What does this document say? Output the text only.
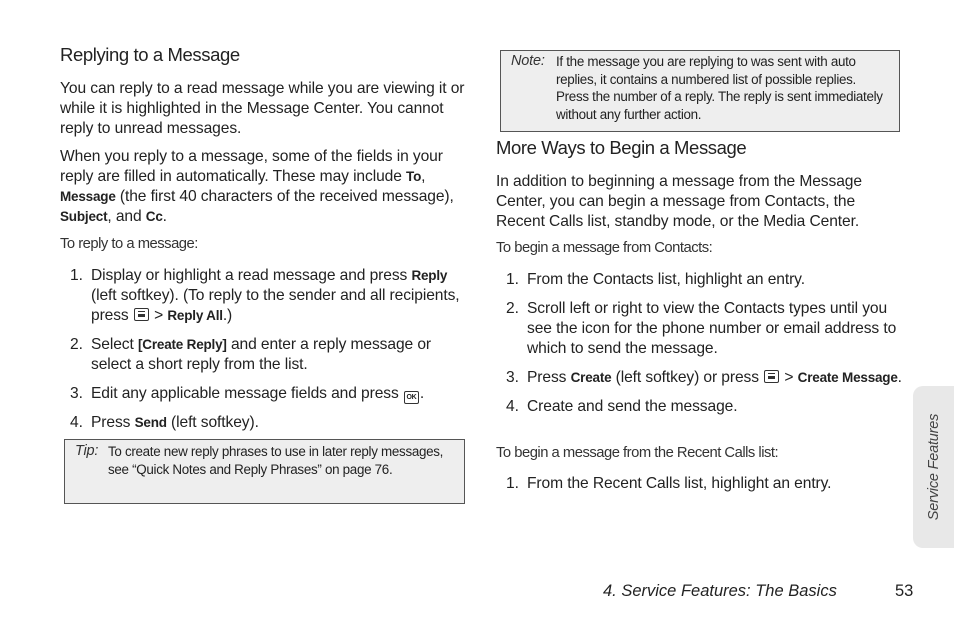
Replying to a Message

You can reply to a read message while you are viewing it or while it is highlighted in the Message Center. You cannot reply to unread messages.

When you reply to a message, some of the fields in your reply are filled in automatically. These may include To, Message (the first 40 characters of the received message), Subject, and Cc.

To reply to a message:

1. Display or highlight a read message and press Reply (left softkey). (To reply to the sender and all recipients, press  > Reply All.)
2. Select [Create Reply] and enter a reply message or select a short reply from the list.
3. Edit any applicable message fields and press OK .
4. Press Send (left softkey).
Tip: To create new reply phrases to use in later reply messages, see “Quick Notes and Reply Phrases” on page 76.

Note: If the message you are replying to was sent with auto replies, it contains a numbered list of possible replies. Press the number of a reply. The reply is sent immediately without any further action.

More Ways to Begin a Message

In addition to beginning a message from the Message Center, you can begin a message from Contacts, the Recent Calls list, standby mode, or the Media Center.

To begin a message from Contacts:

1. From the Contacts list, highlight an entry.
2. Scroll left or right to view the Contacts types until you see the icon for the phone number or email address to which to send the message.
3. Press Create (left softkey) or press  > Create Message.
4. Create and send the message.

To begin a message from the Recent Calls list:

1. From the Recent Calls list, highlight an entry.	Service Features
4. Service Features: The Basics	53
